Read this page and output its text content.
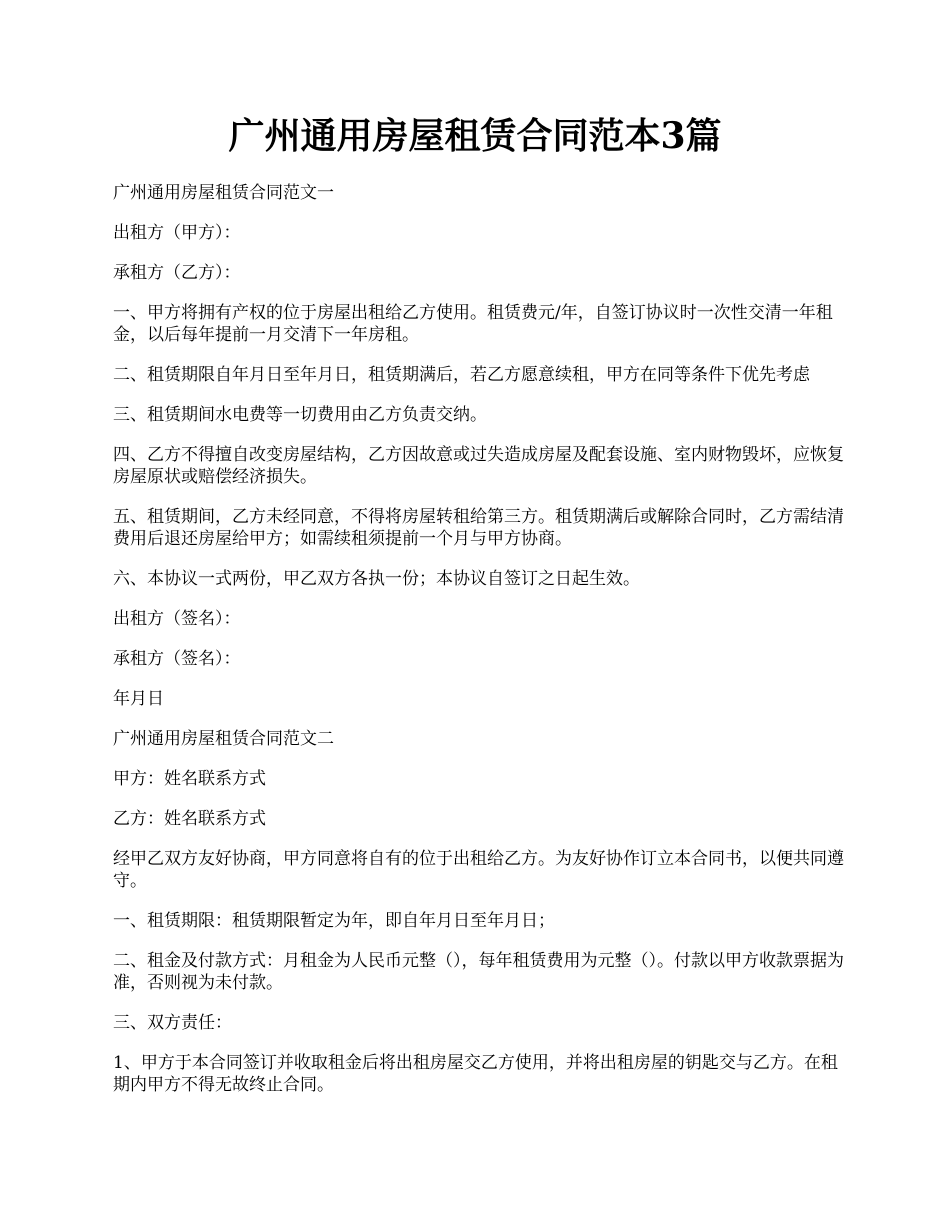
广州通用房屋租赁合同范本3篇

广州通用房屋租赁合同范文一

出租方（甲方）：

承租方（乙方）：

一、甲方将拥有产权的位于房屋出租给乙方使用。租赁费元/年，自签订协议时一次性交清一年租金，以后每年提前一月交清下一年房租。

二、租赁期限自年月日至年月日，租赁期满后，若乙方愿意续租，甲方在同等条件下优先考虑

三、租赁期间水电费等一切费用由乙方负责交纳。

四、乙方不得擅自改变房屋结构，乙方因故意或过失造成房屋及配套设施、室内财物毁坏，应恢复房屋原状或赔偿经济损失。

五、租赁期间，乙方未经同意，不得将房屋转租给第三方。租赁期满后或解除合同时，乙方需结清费用后退还房屋给甲方；如需续租须提前一个月与甲方协商。

六、本协议一式两份，甲乙双方各执一份；本协议自签订之日起生效。

出租方（签名）：

承租方（签名）：

年月日

广州通用房屋租赁合同范文二

甲方：姓名联系方式

乙方：姓名联系方式

经甲乙双方友好协商，甲方同意将自有的位于出租给乙方。为友好协作订立本合同书，以便共同遵守。

一、租赁期限：租赁期限暂定为年，即自年月日至年月日；

二、租金及付款方式：月租金为人民币元整（），每年租赁费用为元整（）。付款以甲方收款票据为准，否则视为未付款。

三、双方责任：

1、甲方于本合同签订并收取租金后将出租房屋交乙方使用，并将出租房屋的钥匙交与乙方。在租期内甲方不得无故终止合同。
